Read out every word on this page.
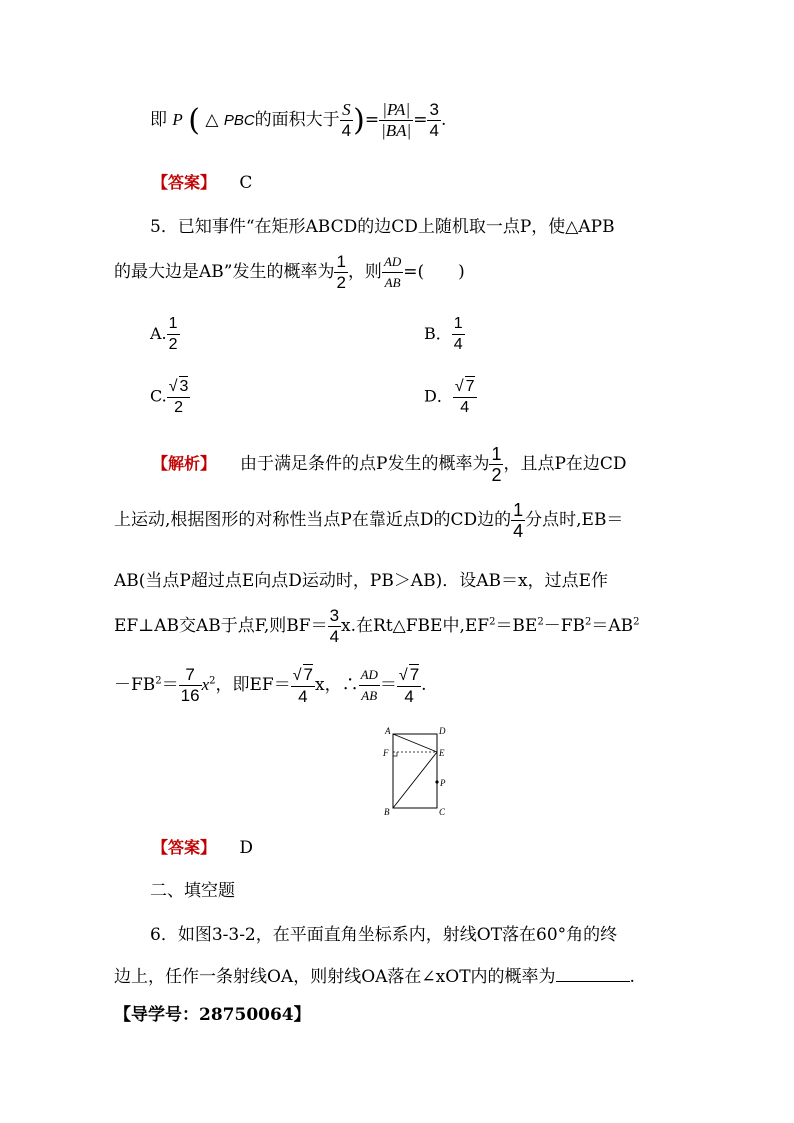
即 P ( △ PBC的面积大于 $\frac{S}{4}$ )= $\frac{|PA|}{|BA|} = \frac{3}{4}$ .
【答案】 C
5．已知事件“在矩形ABCD的边CD上随机取一点P，使△APB
的最大边是AB”发生的概率为 $\frac{1}{2}$ ，则 $\frac{AD}{AB}$ =(　　)
A. $\frac{1}{2}$	B． $\frac{1}{4}$
C. $\frac{√ 3}{2}$	D． $\frac{√ 7}{4}$
【解析】 由于满足条件的点P发生的概率为 $\frac{1}{2}$ ，且点P在边CD
上运动,根据图形的对称性当点P在靠近点D的CD边的 $\frac{1}{4}$ 分点时,EB＝
AB(当点P超过点E向点D运动时，PB＞AB)．设AB＝x，过点E作
EF⊥AB交AB于点F,则$BF= \frac{3}{4} x$.在Rt△FBE中$,EF^2=BE^2-FB^2=AB^2$
$-FB^2= \frac{7}{16} x^2$，即$EF= \frac{√ 7}{4}$ x，∴ $\frac{AD}{AB} = \frac{√ 7}{4}$ .
A	D
F	E
P
B	C
【答案】 D
二、填空题
6．如图3-3-2，在平面直角坐标系内，射线OT落在60°角的终
边上，任作一条射线OA，则射线OA落在∠xOT内的概率为	.
【导学号：28750064】
